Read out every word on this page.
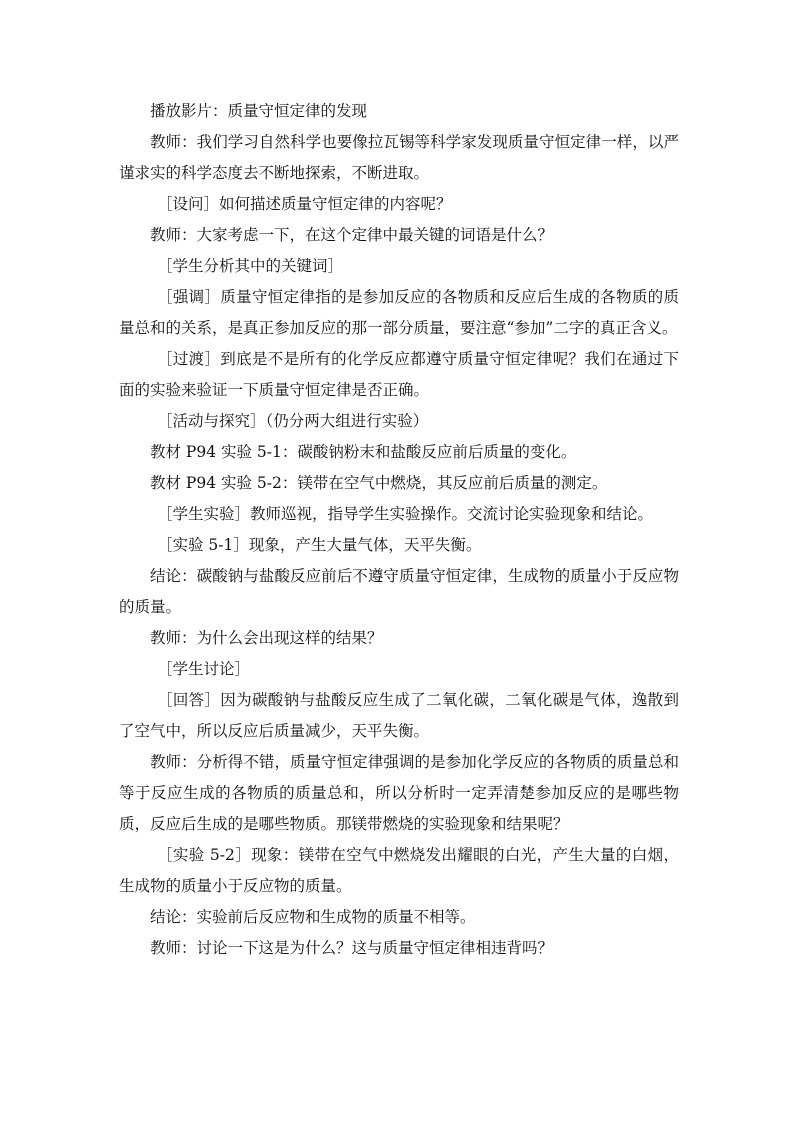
播放影片：质量守恒定律的发现

教师：我们学习自然科学也要像拉瓦锡等科学家发现质量守恒定律一样，以严谨求实的科学态度去不断地探索，不断进取。

［设问］如何描述质量守恒定律的内容呢？

教师：大家考虑一下，在这个定律中最关键的词语是什么？

［学生分析其中的关键词］

［强调］质量守恒定律指的是参加反应的各物质和反应后生成的各物质的质量总和的关系，是真正参加反应的那一部分质量，要注意“参加”二字的真正含义。

［过渡］到底是不是所有的化学反应都遵守质量守恒定律呢？我们在通过下面的实验来验证一下质量守恒定律是否正确。

［活动与探究］（仍分两大组进行实验）

教材 P94 实验 5-1：碳酸钠粉末和盐酸反应前后质量的变化。

教材 P94 实验 5-2：镁带在空气中燃烧，其反应前后质量的测定。

［学生实验］教师巡视，指导学生实验操作。交流讨论实验现象和结论。

［实验 5-1］现象，产生大量气体，天平失衡。

结论：碳酸钠与盐酸反应前后不遵守质量守恒定律，生成物的质量小于反应物的质量。

教师：为什么会出现这样的结果？

［学生讨论］

［回答］因为碳酸钠与盐酸反应生成了二氧化碳，二氧化碳是气体，逸散到了空气中，所以反应后质量减少，天平失衡。

教师：分析得不错，质量守恒定律强调的是参加化学反应的各物质的质量总和等于反应生成的各物质的质量总和，所以分析时一定弄清楚参加反应的是哪些物质，反应后生成的是哪些物质。那镁带燃烧的实验现象和结果呢？

［实验 5-2］现象：镁带在空气中燃烧发出耀眼的白光，产生大量的白烟，生成物的质量小于反应物的质量。

结论：实验前后反应物和生成物的质量不相等。

教师：讨论一下这是为什么？这与质量守恒定律相违背吗？
